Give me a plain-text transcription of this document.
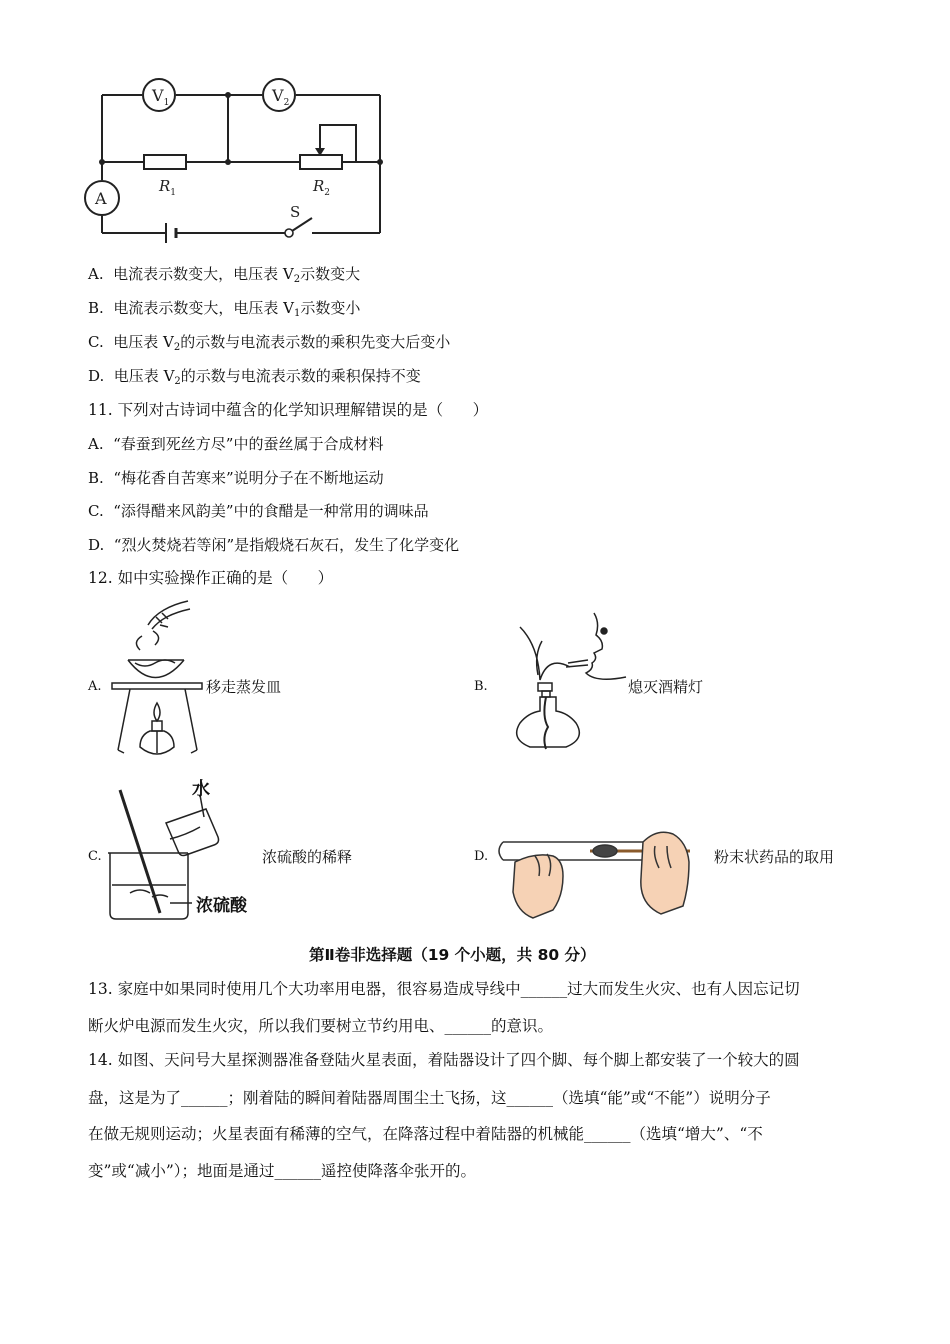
$V_1$	$V_2$
A
$R_1$	$R_2$
S
A.  电流表示数变大，电压表 $V_2$示数变大
B.  电流表示数变大，电压表 $V_1$示数变小
C.  电压表 $V_2$的示数与电流表示数的乘积先变大后变小
D.  电压表 $V_2$的示数与电流表示数的乘积保持不变
11. 下列对古诗词中蕴含的化学知识理解错误的是（      ）
A.  “春蚕到死丝方尽”中的蚕丝属于合成材料
B.  “梅花香自苦寒来”说明分子在不断地运动
C.  “添得醋来风韵美”中的食醋是一种常用的调味品
D.  “烈火焚烧若等闲”是指煅烧石灰石，发生了化学变化
12. 如中实验操作正确的是（      ）
A.	移走蒸发皿	B.	熄灭酒精灯
C.
水
浓硫酸
浓硫酸的稀释	D.	粉末状药品的取用
第Ⅱ卷非选择题（19 个小题，共 80 分）
13. 家庭中如果同时使用几个大功率用电器，很容易造成导线中______过大而发生火灾、也有人因忘记切
断火炉电源而发生火灾，所以我们要树立节约用电、______的意识。
14. 如图、天问号大星探测器准备登陆火星表面，着陆器设计了四个脚、每个脚上都安装了一个较大的圆
盘，这是为了______；刚着陆的瞬间着陆器周围尘土飞扬，这______（选填“能”或“不能”）说明分子
在做无规则运动；火星表面有稀薄的空气，在降落过程中着陆器的机械能______（选填“增大”、“不
变”或“减小”）；地面是通过______遥控使降落伞张开的。
